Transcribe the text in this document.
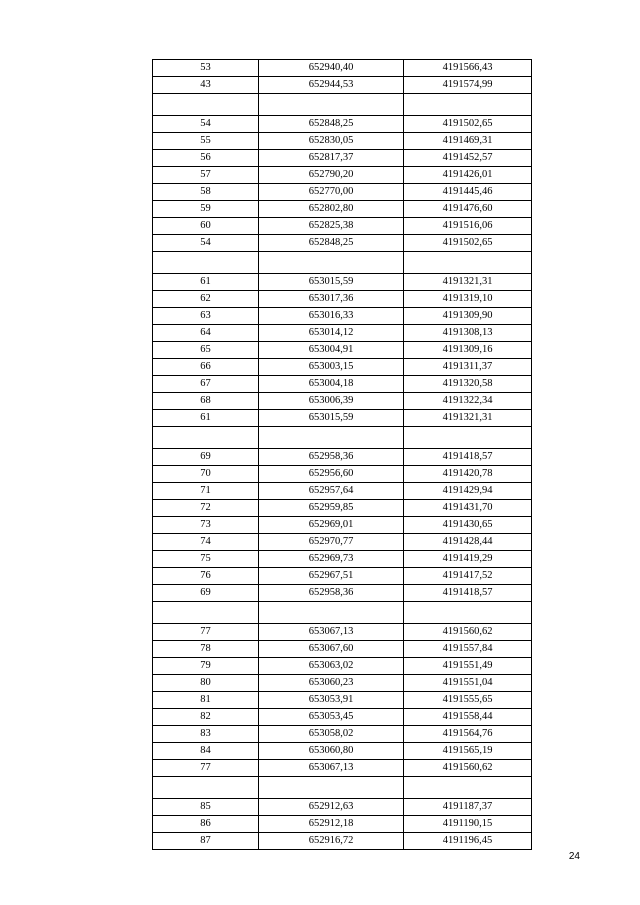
53	652940,40	4191566,43
43	652944,53	4191574,99

54	652848,25	4191502,65
55	652830,05	4191469,31
56	652817,37	4191452,57
57	652790,20	4191426,01
58	652770,00	4191445,46
59	652802,80	4191476,60
60	652825,38	4191516,06
54	652848,25	4191502,65

61	653015,59	4191321,31
62	653017,36	4191319,10
63	653016,33	4191309,90
64	653014,12	4191308,13
65	653004,91	4191309,16
66	653003,15	4191311,37
67	653004,18	4191320,58
68	653006,39	4191322,34
61	653015,59	4191321,31

69	652958,36	4191418,57
70	652956,60	4191420,78
71	652957,64	4191429,94
72	652959,85	4191431,70
73	652969,01	4191430,65
74	652970,77	4191428,44
75	652969,73	4191419,29
76	652967,51	4191417,52
69	652958,36	4191418,57

77	653067,13	4191560,62
78	653067,60	4191557,84
79	653063,02	4191551,49
80	653060,23	4191551,04
81	653053,91	4191555,65
82	653053,45	4191558,44
83	653058,02	4191564,76
84	653060,80	4191565,19
77	653067,13	4191560,62

85	652912,63	4191187,37
86	652912,18	4191190,15
87	652916,72	4191196,45
24
